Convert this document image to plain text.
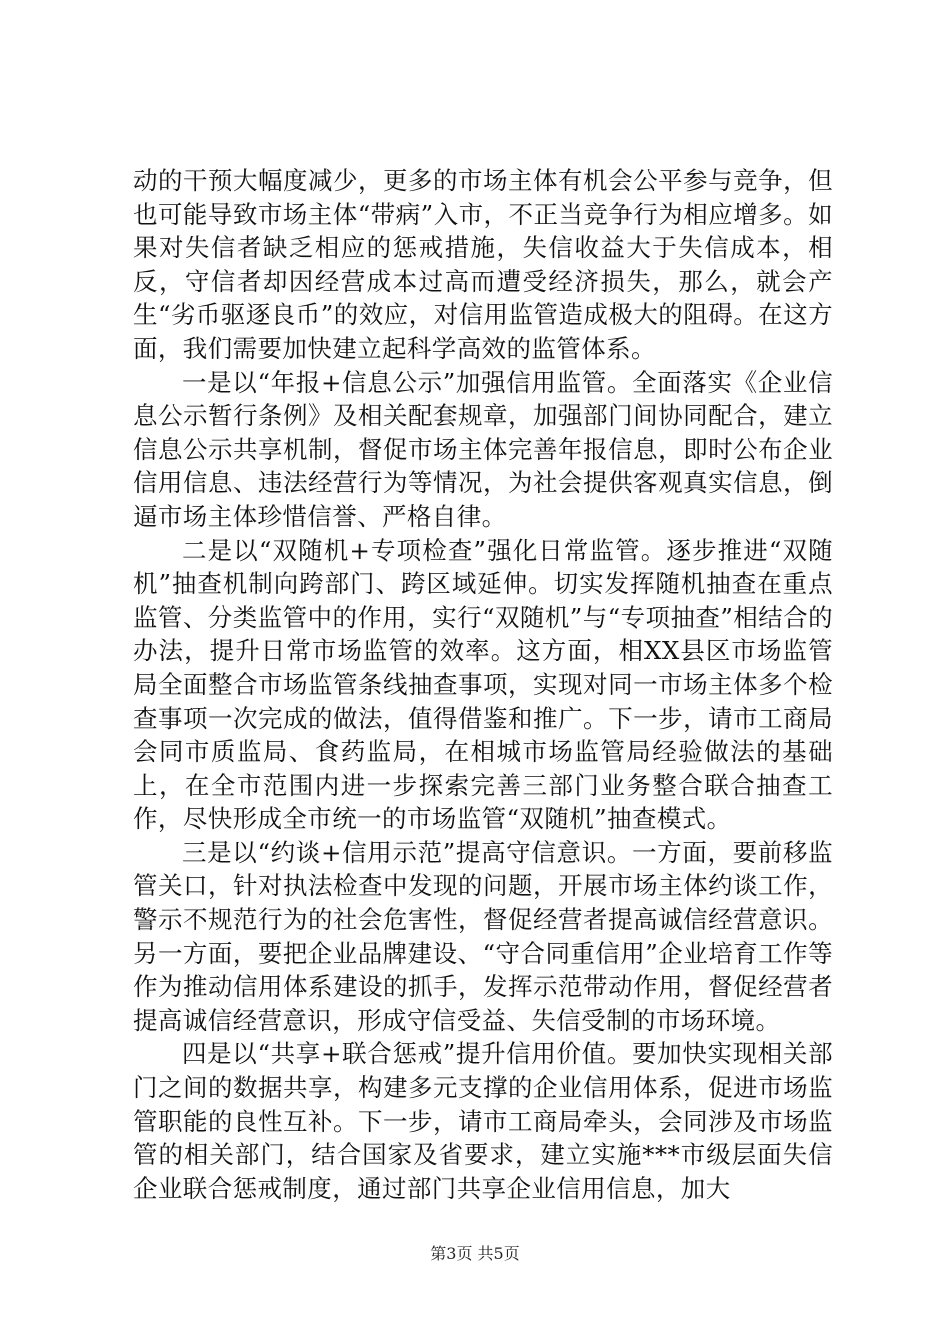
动的干预大幅度减少，更多的市场主体有机会公平参与竞争，但也可能导致市场主体“带病”入市，不正当竞争行为相应增多。如果对失信者缺乏相应的惩戒措施，失信收益大于失信成本，相反，守信者却因经营成本过高而遭受经济损失，那么，就会产生“劣币驱逐良币”的效应，对信用监管造成极大的阻碍。在这方面，我们需要加快建立起科学高效的监管体系。

一是以“年报+信息公示”加强信用监管。全面落实《企业信息公示暂行条例》及相关配套规章，加强部门间协同配合，建立信息公示共享机制，督促市场主体完善年报信息，即时公布企业信用信息、违法经营行为等情况，为社会提供客观真实信息，倒逼市场主体珍惜信誉、严格自律。

二是以“双随机+专项检查”强化日常监管。逐步推进“双随机”抽查机制向跨部门、跨区域延伸。切实发挥随机抽查在重点监管、分类监管中的作用，实行“双随机”与“专项抽查”相结合的办法，提升日常市场监管的效率。这方面，相XX县区市场监管局全面整合市场监管条线抽查事项，实现对同一市场主体多个检查事项一次完成的做法，值得借鉴和推广。下一步，请市工商局会同市质监局、食药监局，在相城市场监管局经验做法的基础上，在全市范围内进一步探索完善三部门业务整合联合抽查工作，尽快形成全市统一的市场监管“双随机”抽查模式。

三是以“约谈+信用示范”提高守信意识。一方面，要前移监管关口，针对执法检查中发现的问题，开展市场主体约谈工作，警示不规范行为的社会危害性，督促经营者提高诚信经营意识。另一方面，要把企业品牌建设、“守合同重信用”企业培育工作等作为推动信用体系建设的抓手，发挥示范带动作用，督促经营者提高诚信经营意识，形成守信受益、失信受制的市场环境。

四是以“共享+联合惩戒”提升信用价值。要加快实现相关部门之间的数据共享，构建多元支撑的企业信用体系，促进市场监管职能的良性互补。下一步，请市工商局牵头，会同涉及市场监管的相关部门，结合国家及省要求，建立实施***市级层面失信企业联合惩戒制度，通过部门共享企业信用信息，加大

第3页 共5页
